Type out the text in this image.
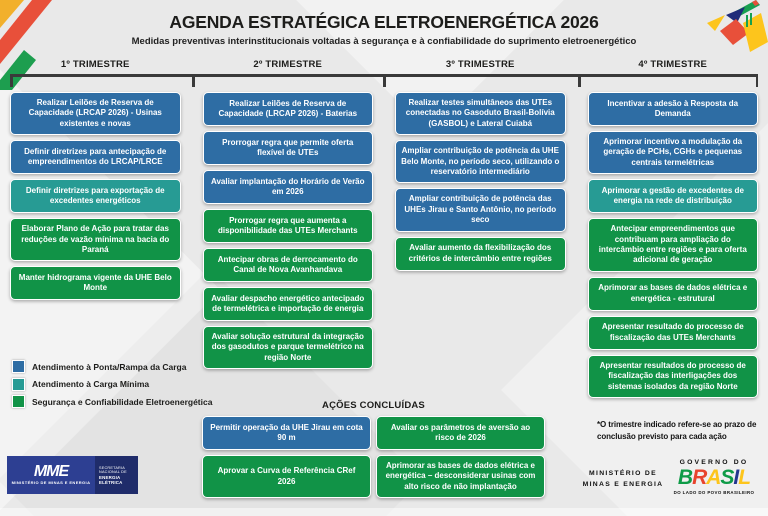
AGENDA ESTRATÉGICA ELETROENERGÉTICA 2026
Medidas preventivas interinstitucionais voltadas à segurança e à confiabilidade do suprimento eletroenergético
1º TRIMESTRE	2º TRIMESTRE	3º TRIMESTRE	4º TRIMESTRE
Realizar Leilões de Reserva de Capacidade (LRCAP 2026) - Usinas existentes e novas
Definir diretrizes para antecipação de empreendimentos do LRCAP/LRCE
Definir diretrizes para exportação de excedentes energéticos
Elaborar Plano de Ação para tratar das reduções de vazão mínima na bacia do Paraná
Manter hidrograma vigente da UHE Belo Monte
Realizar Leilões de Reserva de Capacidade (LRCAP 2026) - Baterias
Prorrogar regra que permite oferta flexível de UTEs
Avaliar implantação do Horário de Verão em 2026
Prorrogar regra que aumenta a disponibilidade das UTEs Merchants
Antecipar obras de derrocamento do Canal de Nova Avanhandava
Avaliar despacho energético antecipado de termelétrica e importação de energia
Avaliar solução estrutural da integração dos gasodutos e parque termelétrico na região Norte
Realizar testes simultâneos das UTEs conectadas no Gasoduto Brasil-Bolívia (GASBOL) e Lateral Cuiabá
Ampliar contribuição de potência da UHE Belo Monte, no período seco, utilizando o reservatório intermediário
Ampliar contribuição de potência das UHEs Jirau e Santo Antônio, no período seco
Avaliar aumento da flexibilização dos critérios de intercâmbio entre regiões
Incentivar a adesão à Resposta da Demanda
Aprimorar incentivo a modulação da geração de PCHs, CGHs e pequenas centrais termelétricas
Aprimorar a gestão de excedentes de energia na rede de distribuição
Antecipar empreendimentos que contribuam para ampliação do intercâmbio entre regiões e para oferta adicional de geração
Aprimorar as bases de dados elétrica e energética - estrutural
Apresentar resultado do processo de fiscalização das UTEs Merchants
Apresentar resultados do processo de fiscalização das interligações dos sistemas isolados da região Norte
Atendimento à Ponta/Rampa da Carga
Atendimento à Carga Mínima
Segurança e Confiabilidade Eletroenergética	AÇÕES CONCLUÍDAS
Permitir operação da UHE Jirau em cota 90 m
Avaliar os parâmetros de aversão ao risco de 2026
Aprovar a Curva de Referência CRef 2026
Aprimorar as bases de dados elétrica e energética – desconsiderar usinas com alto risco de não implantação
*O trimestre indicado refere-se ao prazo de conclusão previsto para cada ação
MME
MINISTÉRIO DE MINAS E ENERGIA
SECRETARIA NACIONAL DE
ENERGIA ELÉTRICA
MINISTÉRIO DE
MINAS E ENERGIA
GOVERNO DO
BRASIL
DO LADO DO POVO BRASILEIRO
